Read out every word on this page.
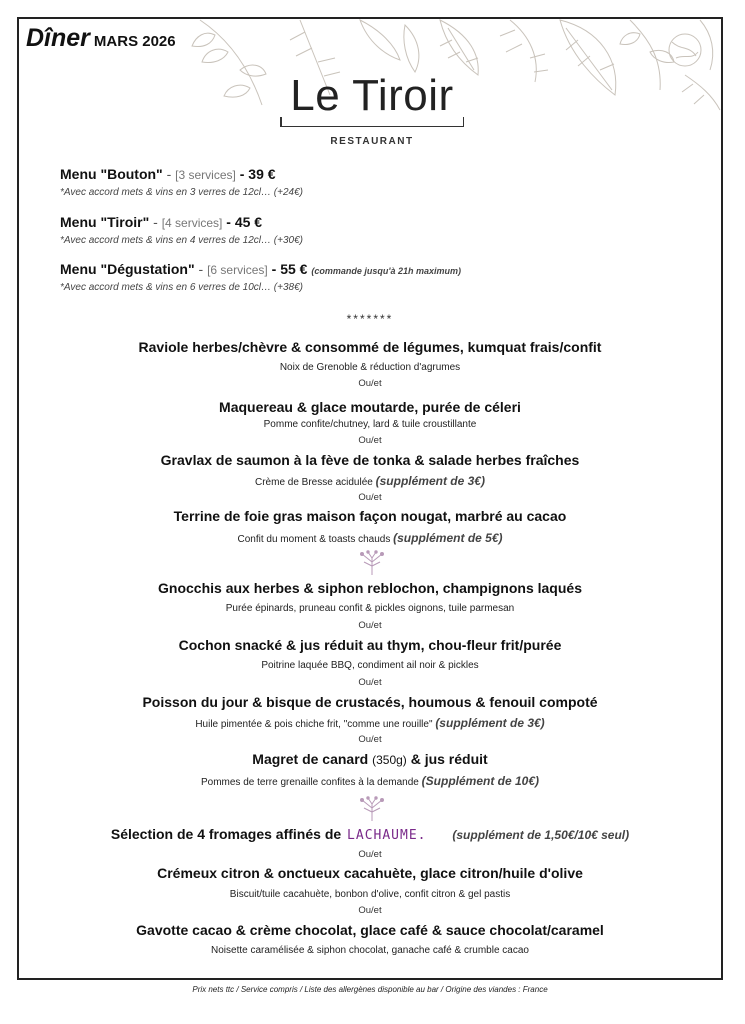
Dîner MARS 2026
Le Tiroir
RESTAURANT
Menu "Bouton" - [3 services] - 39 €
*Avec accord mets & vins en 3 verres de 12cl… (+24€)
Menu "Tiroir" - [4 services] - 45 €
*Avec accord mets & vins en 4 verres de 12cl… (+30€)
Menu "Dégustation" - [6 services] - 55 € (commande jusqu'à 21h maximum)
*Avec accord mets & vins en 6 verres de 10cl… (+38€)
*******
Raviole herbes/chèvre & consommé de légumes, kumquat frais/confit
Noix de Grenoble & réduction d'agrumes
Ou/et
Maquereau & glace moutarde, purée de céleri
Pomme confite/chutney, lard & tuile croustillante
Ou/et
Gravlax de saumon à la fève de tonka & salade herbes fraîches
Crème de Bresse acidulée (supplément de 3€)
Ou/et
Terrine de foie gras maison façon nougat, marbré au cacao
Confit du moment & toasts chauds (supplément de 5€)
Gnocchis aux herbes & siphon reblochon, champignons laqués
Purée épinards, pruneau confit & pickles oignons, tuile parmesan
Ou/et
Cochon snacké & jus réduit au thym, chou-fleur frit/purée
Poitrine laquée BBQ, condiment ail noir & pickles
Ou/et
Poisson du jour & bisque de crustacés, houmous & fenouil compoté
Huile pimentée & pois chiche frit, "comme une rouille" (supplément de 3€)
Ou/et
Magret de canard (350g) & jus réduit
Pommes de terre grenaille confites à la demande (Supplément de 10€)
Sélection de 4 fromages affinés de LACHAUME. (supplément de 1,50€/10€ seul)
Ou/et
Crémeux citron & onctueux cacahuète, glace citron/huile d'olive
Biscuit/tuile cacahuète, bonbon d'olive, confit citron & gel pastis
Ou/et
Gavotte cacao & crème chocolat, glace café & sauce chocolat/caramel
Noisette caramélisée & siphon chocolat, ganache café & crumble cacao
Prix nets ttc / Service compris / Liste des allergènes disponible au bar / Origine des viandes : France
